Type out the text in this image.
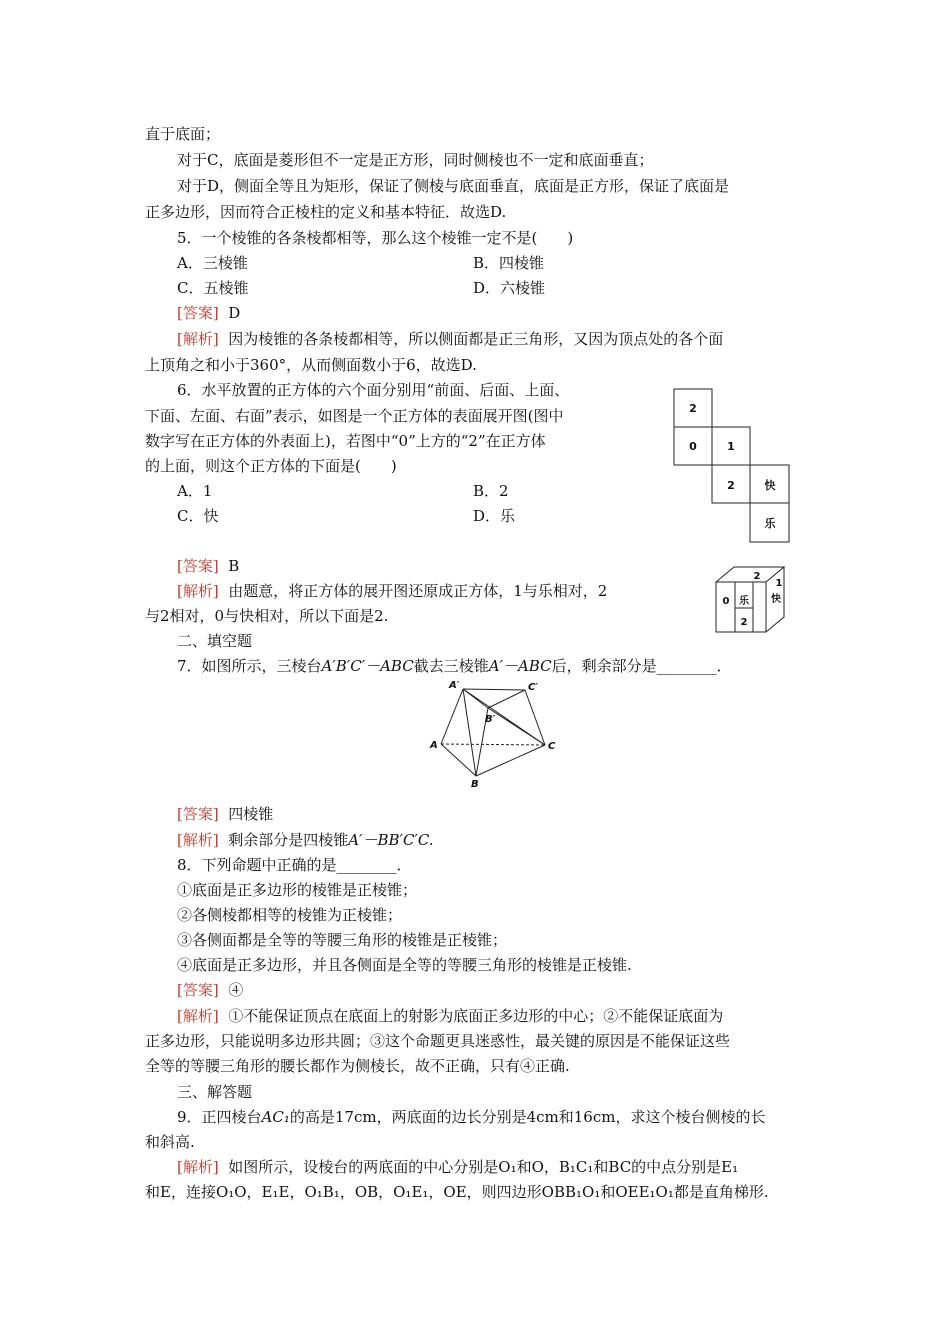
直于底面；
对于C，底面是菱形但不一定是正方形，同时侧棱也不一定和底面垂直；
对于D，侧面全等且为矩形，保证了侧棱与底面垂直，底面是正方形，保证了底面是
正多边形，因而符合正棱柱的定义和基本特征．故选D.
5．一个棱锥的各条棱都相等，那么这个棱锥一定不是(　　)
A．三棱锥	B．四棱锥
C．五棱锥	D．六棱锥
[答案] D
[解析] 因为棱锥的各条棱都相等，所以侧面都是正三角形，又因为顶点处的各个面
上顶角之和小于360°，从而侧面数小于6，故选D.
6．水平放置的正方体的六个面分别用“前面、后面、上面、
下面、左面、右面”表示，如图是一个正方体的表面展开图(图中
数字写在正方体的外表面上)，若图中“0”上方的“2”在正方体
的上面，则这个正方体的下面是(　　)
A．1	B．2
C．快	D．乐
2
0	1
2	快
乐
[答案] B
[解析] 由题意，将正方体的展开图还原成正方体，1与乐相对，2
与2相对，0与快相对，所以下面是2.
2
1
0 乐 快
2
二、填空题
7．如图所示，三棱台A′B′C′－ABC截去三棱锥A′－ABC后，剩余部分是________．
A′	C′
B′
A
B
C
[答案] 四棱锥
[解析] 剩余部分是四棱锥A′－BB′C′C.
8．下列命题中正确的是________．
①底面是正多边形的棱锥是正棱锥；
②各侧棱都相等的棱锥为正棱锥；
③各侧面都是全等的等腰三角形的棱锥是正棱锥；
④底面是正多边形，并且各侧面是全等的等腰三角形的棱锥是正棱锥.
[答案] ④
[解析] ①不能保证顶点在底面上的射影为底面正多边形的中心；②不能保证底面为
正多边形，只能说明多边形共圆；③这个命题更具迷惑性，最关键的原因是不能保证这些
全等的等腰三角形的腰长都作为侧棱长，故不正确，只有④正确.
三、解答题
9．正四棱台AC₁的高是17cm，两底面的边长分别是4cm和16cm，求这个棱台侧棱的长
和斜高.
[解析] 如图所示，设棱台的两底面的中心分别是O₁和O，B₁C₁和BC的中点分别是E₁
和E，连接O₁O，E₁E，O₁B₁，OB，O₁E₁，OE，则四边形OBB₁O₁和OEE₁O₁都是直角梯形.
